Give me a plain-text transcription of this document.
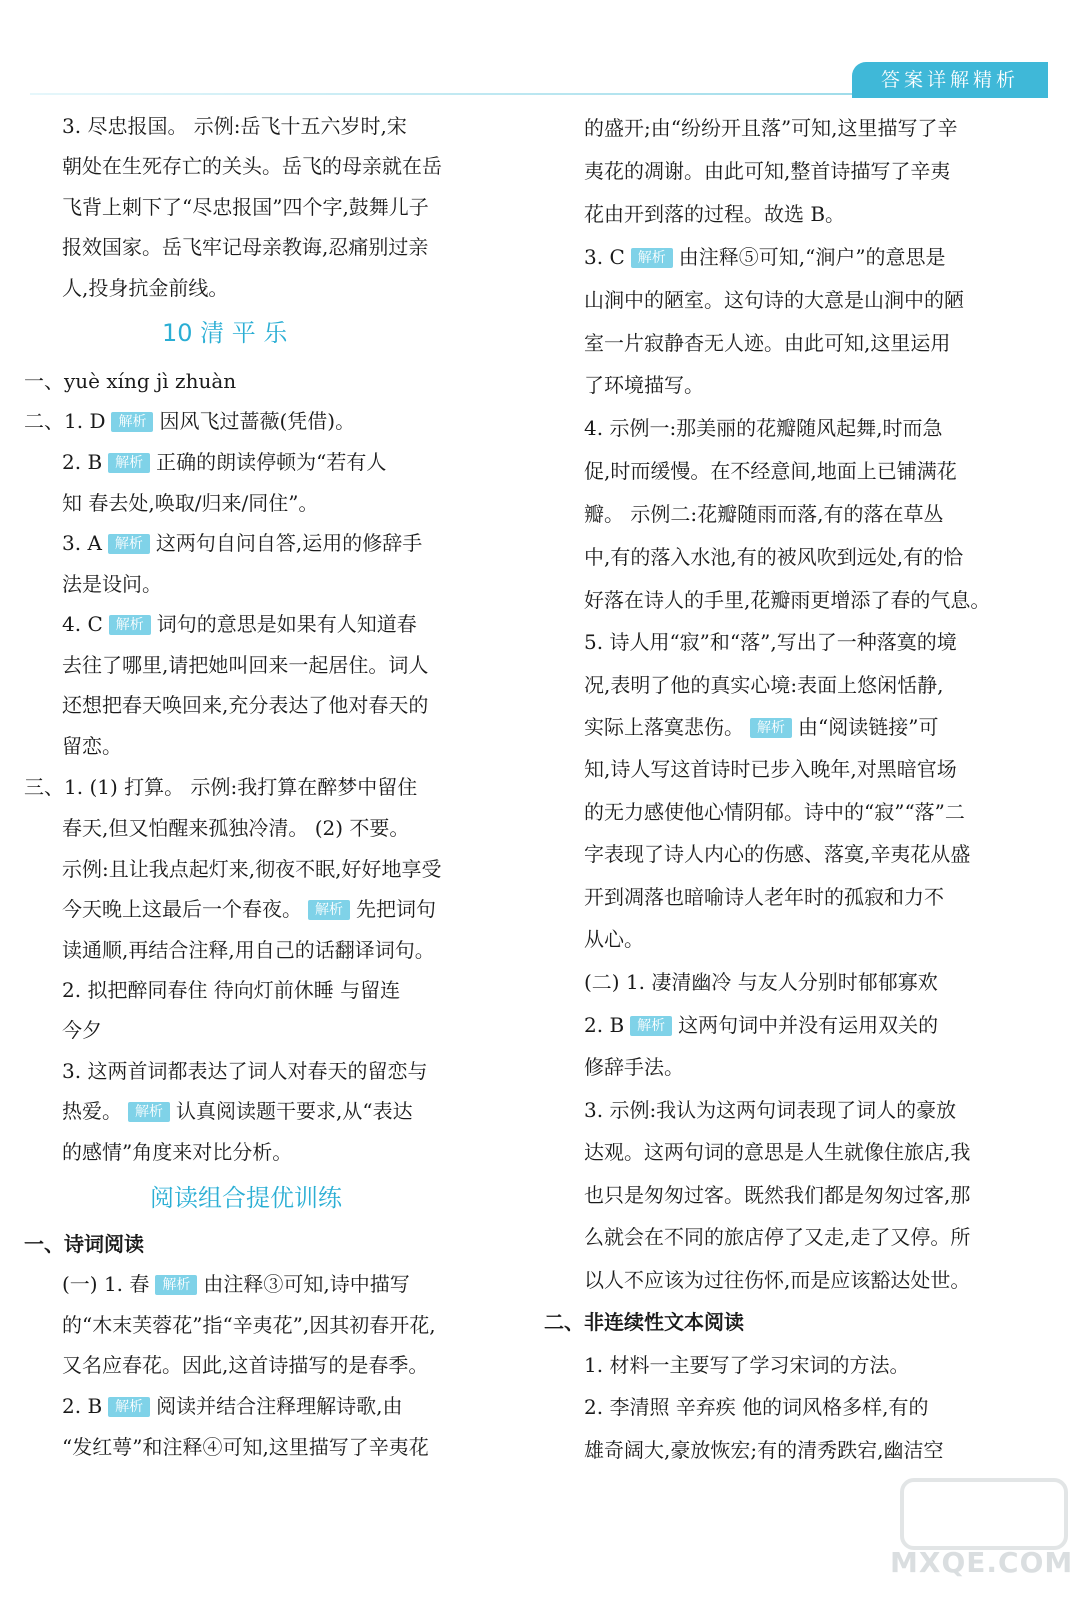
答案详解精析
3. 尽忠报国。 示例:岳飞十五六岁时,宋
朝处在生死存亡的关头。岳飞的母亲就在岳
飞背上刺下了“尽忠报国”四个字,鼓舞儿子
报效国家。岳飞牢记母亲教诲,忍痛别过亲
人,投身抗金前线。
10 清 平 乐
一、yuè xíng jì zhuàn
二、1. D 解析 因风飞过蔷薇(凭借)。
2. B 解析 正确的朗读停顿为“若有人
知 春去处,唤取/归来/同住”。
3. A 解析 这两句自问自答,运用的修辞手
法是设问。
4. C 解析 词句的意思是如果有人知道春
去往了哪里,请把她叫回来一起居住。词人
还想把春天唤回来,充分表达了他对春天的
留恋。
三、1. (1) 打算。 示例:我打算在醉梦中留住
春天,但又怕醒来孤独冷清。 (2) 不要。
示例:且让我点起灯来,彻夜不眠,好好地享受
今天晚上这最后一个春夜。 解析 先把词句
读通顺,再结合注释,用自己的话翻译词句。
2. 拟把醉同春住 待向灯前休睡 与留连
今夕
3. 这两首词都表达了词人对春天的留恋与
热爱。 解析 认真阅读题干要求,从“表达
的感情”角度来对比分析。
阅读组合提优训练
一、诗词阅读
(一) 1. 春 解析 由注释③可知,诗中描写
的“木末芙蓉花”指“辛夷花”,因其初春开花,
又名应春花。因此,这首诗描写的是春季。
2. B 解析 阅读并结合注释理解诗歌,由
“发红萼”和注释④可知,这里描写了辛夷花
的盛开;由“纷纷开且落”可知,这里描写了辛
夷花的凋谢。由此可知,整首诗描写了辛夷
花由开到落的过程。故选 B。
3. C 解析 由注释⑤可知,“涧户”的意思是
山涧中的陋室。这句诗的大意是山涧中的陋
室一片寂静杳无人迹。由此可知,这里运用
了环境描写。
4. 示例一:那美丽的花瓣随风起舞,时而急
促,时而缓慢。在不经意间,地面上已铺满花
瓣。 示例二:花瓣随雨而落,有的落在草丛
中,有的落入水池,有的被风吹到远处,有的恰
好落在诗人的手里,花瓣雨更增添了春的气息。
5. 诗人用“寂”和“落”,写出了一种落寞的境
况,表明了他的真实心境:表面上悠闲恬静,
实际上落寞悲伤。 解析 由“阅读链接”可
知,诗人写这首诗时已步入晚年,对黑暗官场
的无力感使他心情阴郁。诗中的“寂”“落”二
字表现了诗人内心的伤感、落寞,辛夷花从盛
开到凋落也暗喻诗人老年时的孤寂和力不
从心。
(二) 1. 凄清幽冷 与友人分别时郁郁寡欢
2. B 解析 这两句词中并没有运用双关的
修辞手法。
3. 示例:我认为这两句词表现了词人的豪放
达观。这两句词的意思是人生就像住旅店,我
也只是匆匆过客。既然我们都是匆匆过客,那
么就会在不同的旅店停了又走,走了又停。所
以人不应该为过往伤怀,而是应该豁达处世。
二、非连续性文本阅读
1. 材料一主要写了学习宋词的方法。
2. 李清照 辛弃疾 他的词风格多样,有的
雄奇阔大,豪放恢宏;有的清秀跌宕,幽洁空
MXQE.COM
